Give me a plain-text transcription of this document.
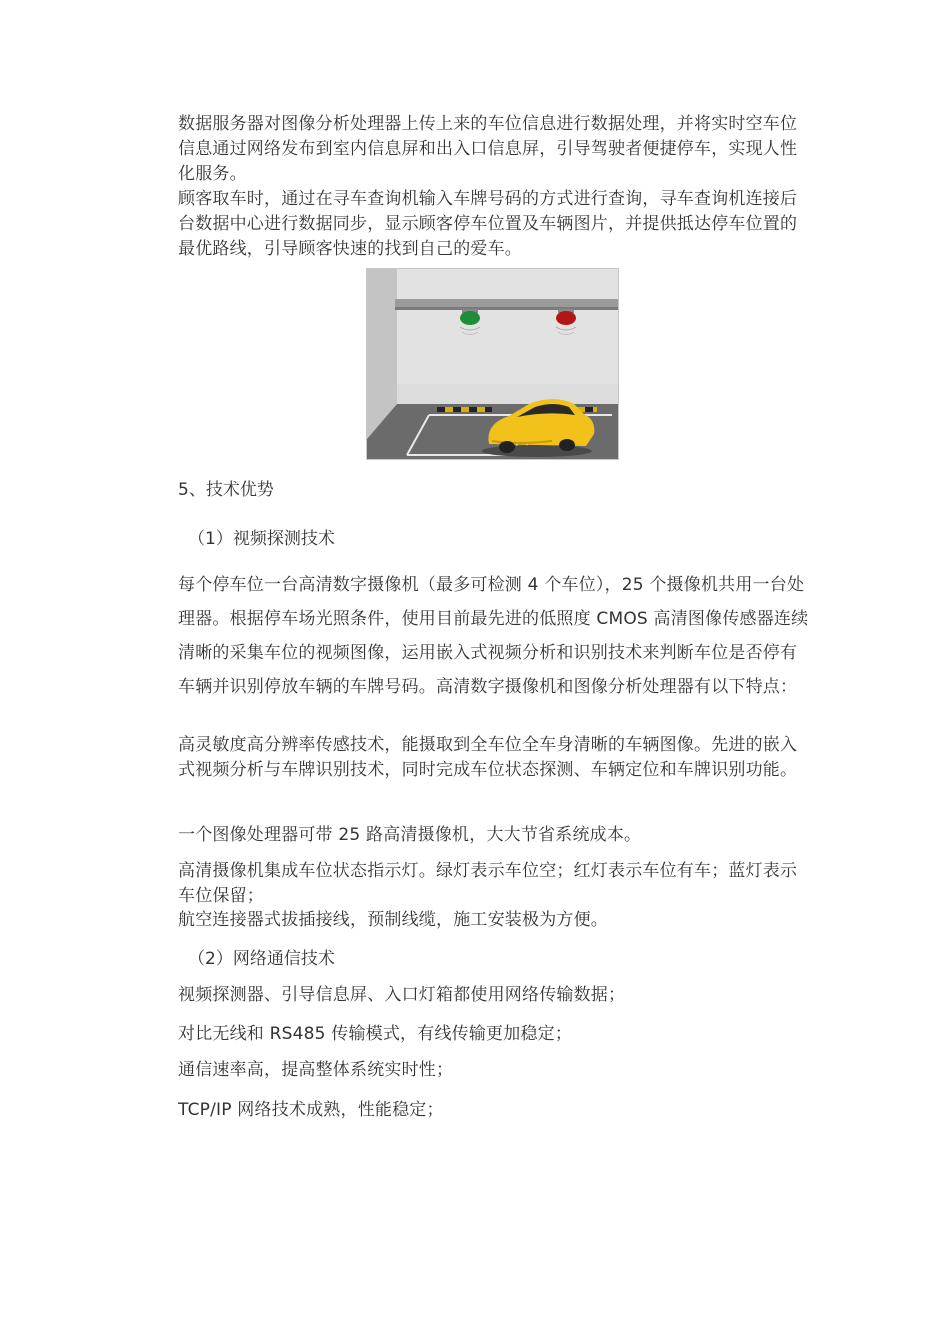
数据服务器对图像分析处理器上传上来的车位信息进行数据处理，并将实时空车位信息通过网络发布到室内信息屏和出入口信息屏，引导驾驶者便捷停车，实现人性化服务。

顾客取车时，通过在寻车查询机输入车牌号码的方式进行查询，寻车查询机连接后台数据中心进行数据同步，显示顾客停车位置及车辆图片，并提供抵达停车位置的最优路线，引导顾客快速的找到自己的爱车。

5、技术优势
（1）视频探测技术

每个停车位一台高清数字摄像机（最多可检测 4 个车位），25 个摄像机共用一台处理器。根据停车场光照条件，使用目前最先进的低照度 CMOS 高清图像传感器连续清晰的采集车位的视频图像，运用嵌入式视频分析和识别技术来判断车位是否停有车辆并识别停放车辆的车牌号码。高清数字摄像机和图像分析处理器有以下特点：

高灵敏度高分辨率传感技术，能摄取到全车位全车身清晰的车辆图像。先进的嵌入式视频分析与车牌识别技术，同时完成车位状态探测、车辆定位和车牌识别功能。

一个图像处理器可带 25 路高清摄像机，大大节省系统成本。

高清摄像机集成车位状态指示灯。绿灯表示车位空；红灯表示车位有车；蓝灯表示车位保留；

航空连接器式拔插接线，预制线缆，施工安装极为方便。

（2）网络通信技术

视频探测器、引导信息屏、入口灯箱都使用网络传输数据；

对比无线和 RS485 传输模式，有线传输更加稳定；

通信速率高，提高整体系统实时性；

TCP/IP 网络技术成熟，性能稳定；
